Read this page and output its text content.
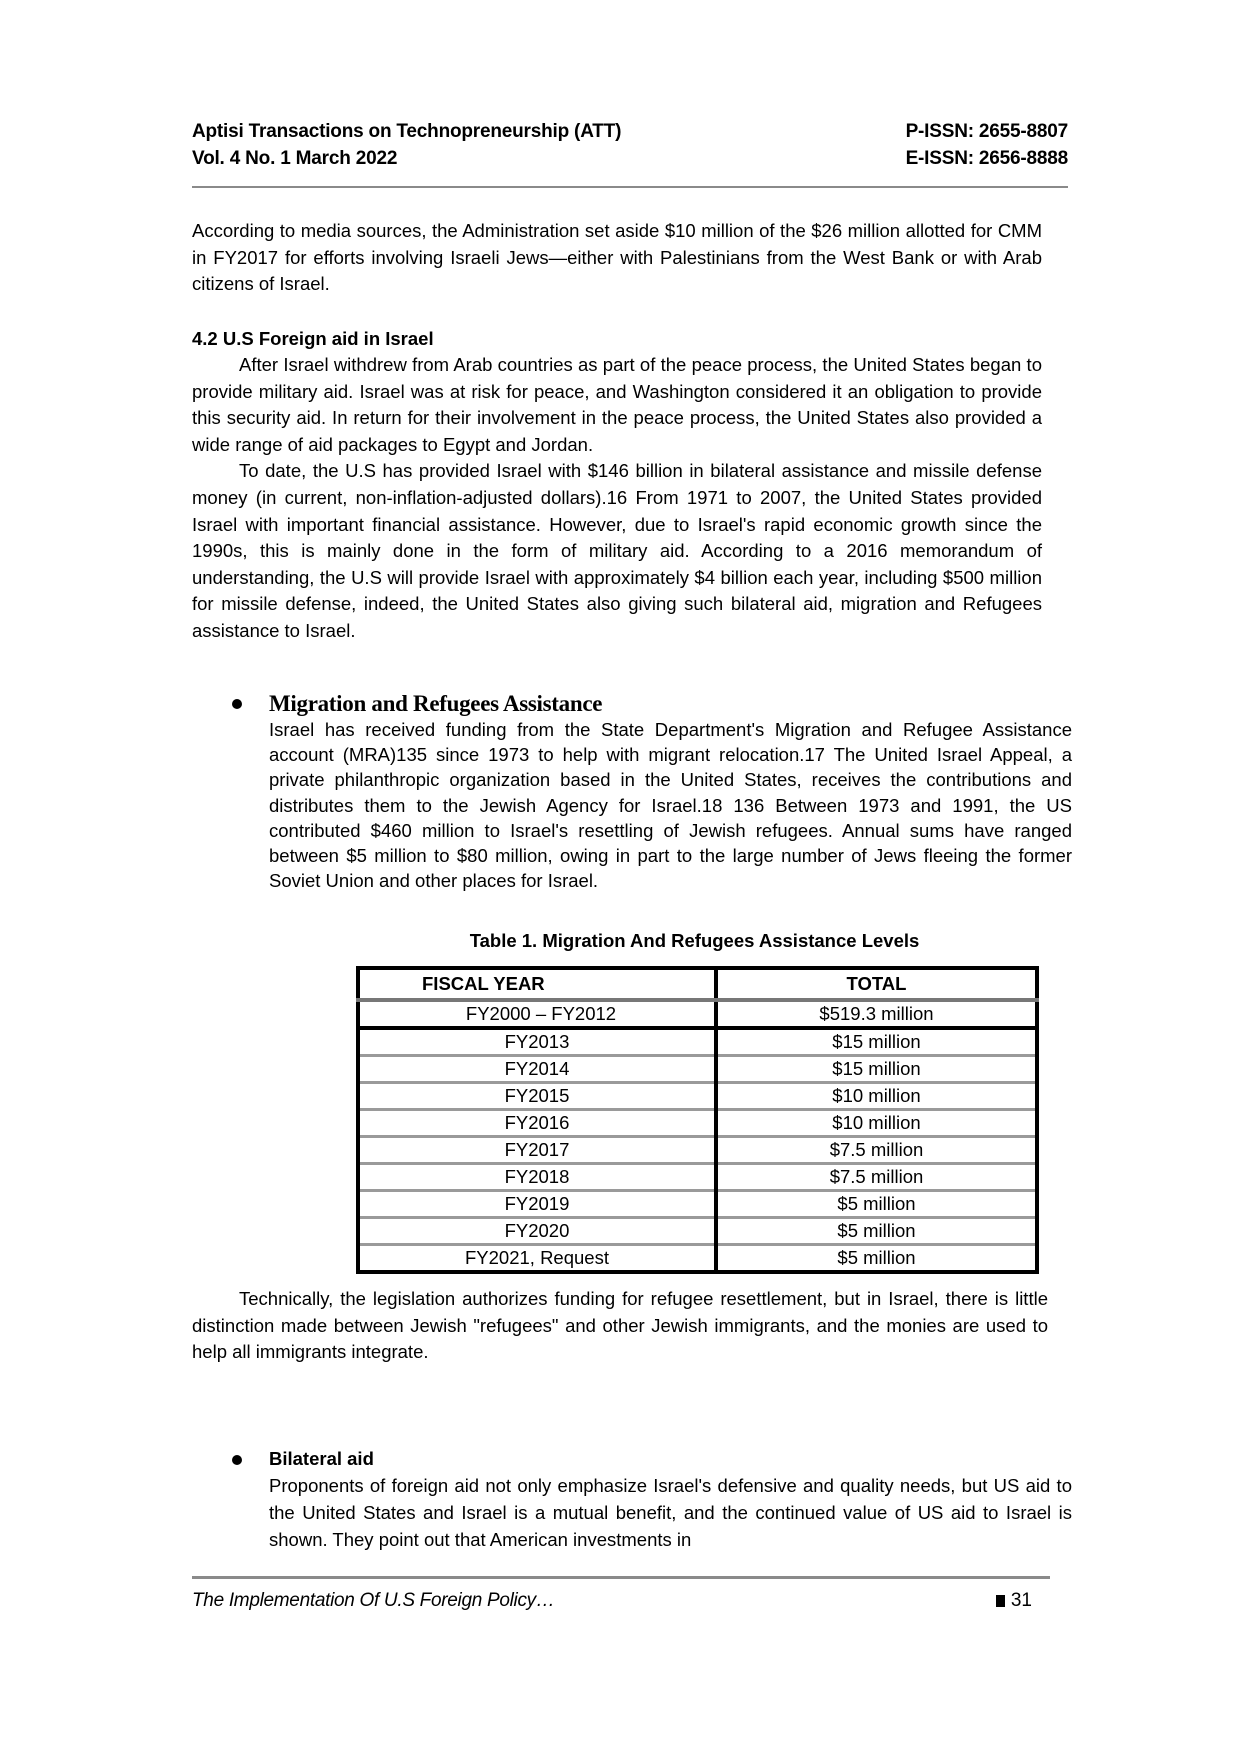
Aptisi Transactions on Technopreneurship (ATT)	P-ISSN: 2655-8807
Vol. 4 No. 1 March 2022	E-ISSN: 2656-8888

According to media sources, the Administration set aside $10 million of the $26 million allotted for CMM in FY2017 for efforts involving Israeli Jews—either with Palestinians from the West Bank or with Arab citizens of Israel.

4.2 U.S Foreign aid in Israel

After Israel withdrew from Arab countries as part of the peace process, the United States began to provide military aid. Israel was at risk for peace, and Washington considered it an obligation to provide this security aid. In return for their involvement in the peace process, the United States also provided a wide range of aid packages to Egypt and Jordan.

To date, the U.S has provided Israel with $146 billion in bilateral assistance and missile defense money (in current, non-inflation-adjusted dollars).16 From 1971 to 2007, the United States provided Israel with important financial assistance. However, due to Israel's rapid economic growth since the 1990s, this is mainly done in the form of military aid. According to a 2016 memorandum of understanding, the U.S will provide Israel with approximately $4 billion each year, including $500 million for missile defense, indeed, the United States also giving such bilateral aid, migration and Refugees assistance to Israel.

Migration and Refugees Assistance
Israel has received funding from the State Department's Migration and Refugee Assistance account (MRA)135 since 1973 to help with migrant relocation.17 The United Israel Appeal, a private philanthropic organization based in the United States, receives the contributions and distributes them to the Jewish Agency for Israel.18 136 Between 1973 and 1991, the US contributed $460 million to Israel's resettling of Jewish refugees. Annual sums have ranged between $5 million to $80 million, owing in part to the large number of Jews fleeing the former Soviet Union and other places for Israel.
Table 1. Migration And Refugees Assistance Levels
FISCAL YEAR	TOTAL
FY2000 – FY2012	$519.3 million
FY2013	$15 million
FY2014	$15 million
FY2015	$10 million
FY2016	$10 million
FY2017	$7.5 million
FY2018	$7.5 million
FY2019	$5 million
FY2020	$5 million
FY2021, Request	$5 million

Technically, the legislation authorizes funding for refugee resettlement, but in Israel, there is little distinction made between Jewish "refugees" and other Jewish immigrants, and the monies are used to help all immigrants integrate.

Bilateral aid
Proponents of foreign aid not only emphasize Israel's defensive and quality needs, but US aid to the United States and Israel is a mutual benefit, and the continued value of US aid to Israel is shown. They point out that American investments in
The Implementation Of U.S Foreign Policy…	31
